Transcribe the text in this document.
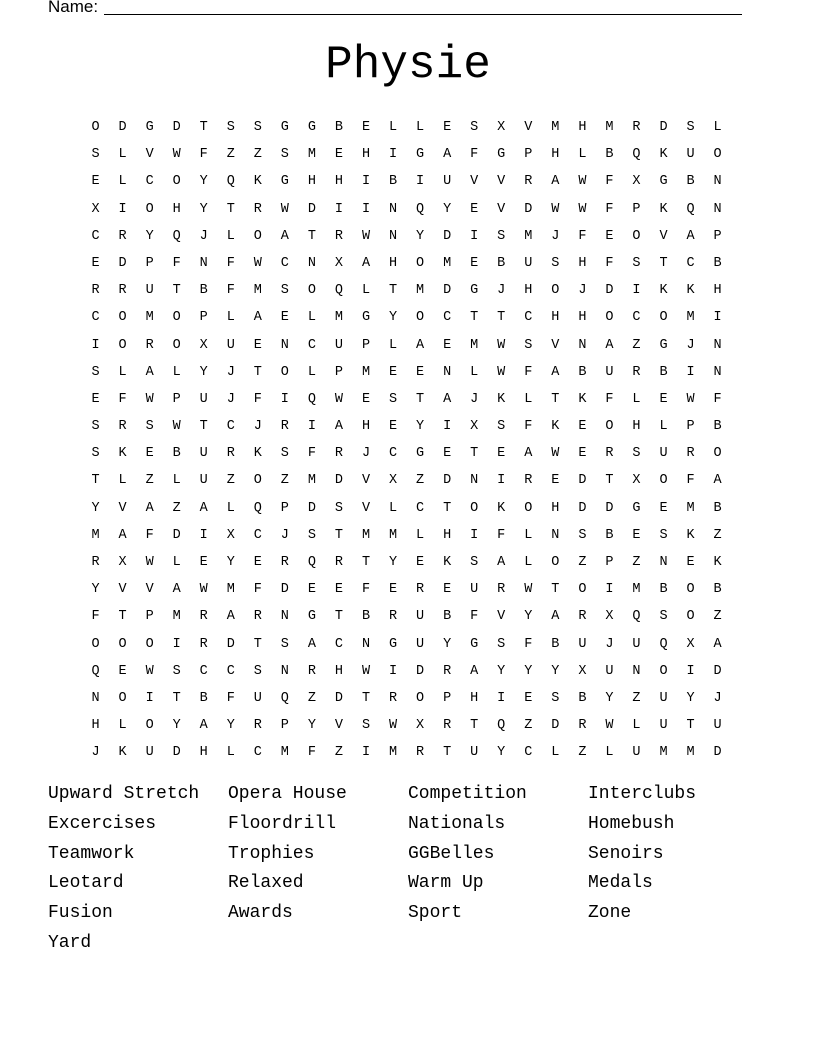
Name:
Physie
O D G D T S S G G B E L L E S X V M H M R D S L
S L V W F Z Z S M E H I G A F G P H L B Q K U O
E L C O Y Q K G H H I B I U V V R A W F X G B N
X I O H Y T R W D I I N Q Y E V D W W F P K Q N
C R Y Q J L O A T R W N Y D I S M J F E O V A P
E D P F N F W C N X A H O M E B U S H F S T C B
R R U T B F M S O Q L T M D G J H O J D I K K H
C O M O P L A E L M G Y O C T T C H H O C O M I
I O R O X U E N C U P L A E M W S V N A Z G J N
S L A L Y J T O L P M E E N L W F A B U R B I N
E F W P U J F I Q W E S T A J K L T K F L E W F
S R S W T C J R I A H E Y I X S F K E O H L P B
S K E B U R K S F R J C G E T E A W E R S U R O
T L Z L U Z O Z M D V X Z D N I R E D T X O F A
Y V A Z A L Q P D S V L C T O K O H D D G E M B
M A F D I X C J S T M M L H I F L N S B E S K Z
R X W L E Y E R Q R T Y E K S A L O Z P Z N E K
Y V V A W M F D E E F E R E U R W T O I M B O B
F T P M R A R N G T B R U B F V Y A R X Q S O Z
O O O I R D T S A C N G U Y G S F B U J U Q X A
Q E W S C C S N R H W I D R A Y Y Y X U N O I D
N O I T B F U Q Z D T R O P H I E S B Y Z U Y J
H L O Y A Y R P Y V S W X R T Q Z D R W L U T U
J K U D H L C M F Z I M R T U Y C L Z L U M M D
Upward Stretch	Opera House	Competition	Interclubs
Excercises	Floordrill	Nationals	Homebush
Teamwork	Trophies	GGBelles	Senoirs
Leotard	Relaxed	Warm Up	Medals
Fusion	Awards	Sport	Zone
Yard
